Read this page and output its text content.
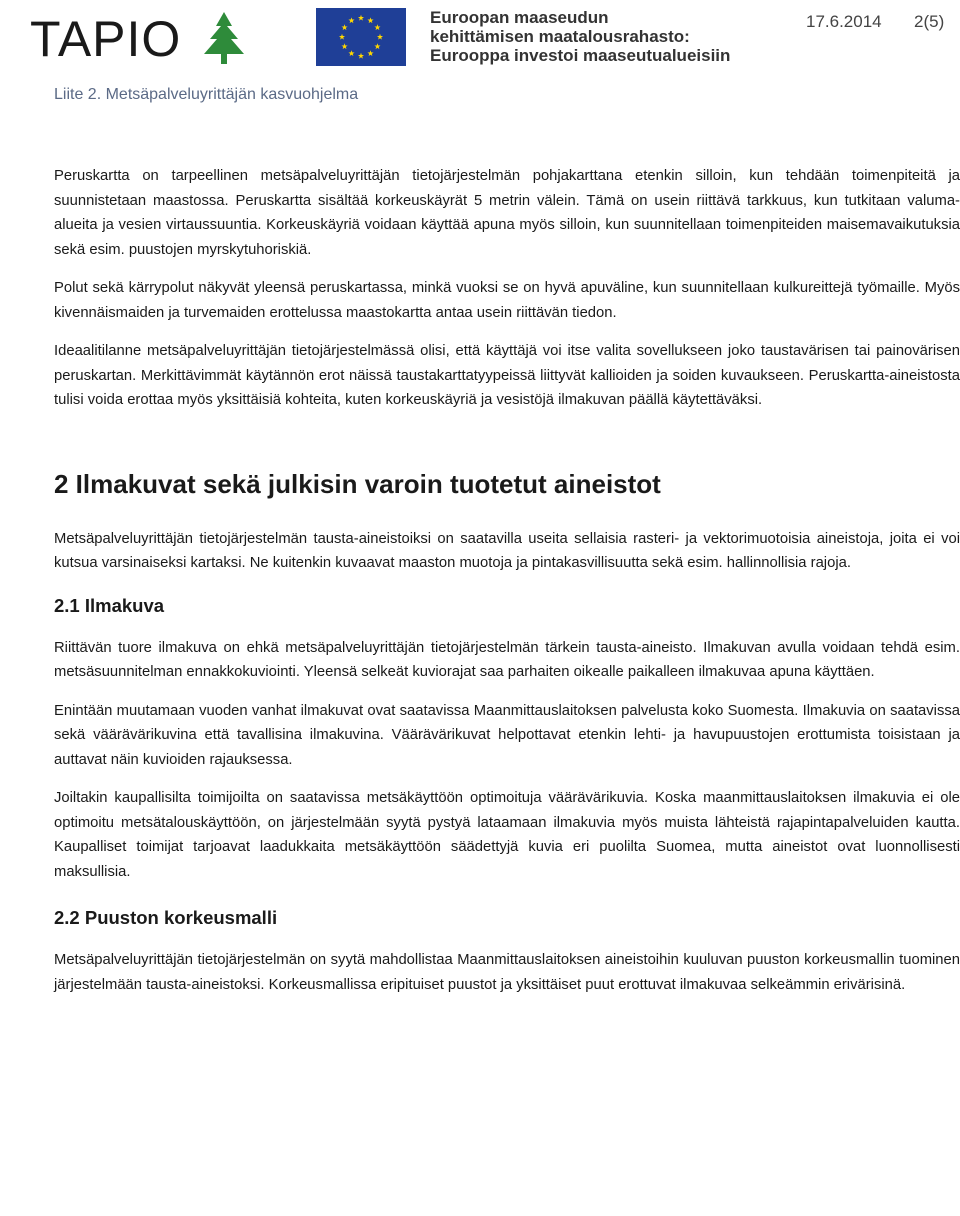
TAPIO	Euroopan maaseudun
kehittämisen maatalousrahasto:
Eurooppa investoi maaseutualueisiin
17.6.2014 2(5)
Liite 2. Metsäpalveluyrittäjän kasvuohjelma

Peruskartta on tarpeellinen metsäpalveluyrittäjän tietojärjestelmän pohjakarttana etenkin silloin, kun tehdään toimenpiteitä ja suunnistetaan maastossa. Peruskartta sisältää korkeuskäyrät 5 metrin välein. Tämä on usein riittävä tarkkuus, kun tutkitaan valuma-alueita ja vesien virtaussuuntia. Korkeuskäyriä voidaan käyttää apuna myös silloin, kun suunnitellaan toimenpiteiden maisemavaikutuksia sekä esim. puustojen myrskytuhoriskiä.

Polut sekä kärrypolut näkyvät yleensä peruskartassa, minkä vuoksi se on hyvä apuväline, kun suunnitellaan kulkureittejä työmaille. Myös kivennäismaiden ja turvemaiden erottelussa maastokartta antaa usein riittävän tiedon.

Ideaalitilanne metsäpalveluyrittäjän tietojärjestelmässä olisi, että käyttäjä voi itse valita sovellukseen joko taustavärisen tai painovärisen peruskartan. Merkittävimmät käytännön erot näissä taustakarttatyypeissä liittyvät kallioiden ja soiden kuvaukseen. Peruskartta-aineistosta tulisi voida erottaa myös yksittäisiä kohteita, kuten korkeuskäyriä ja vesistöjä ilmakuvan päällä käytettäväksi.

2 Ilmakuvat sekä julkisin varoin tuotetut aineistot

Metsäpalveluyrittäjän tietojärjestelmän tausta-aineistoiksi on saatavilla useita sellaisia rasteri- ja vektorimuotoisia aineistoja, joita ei voi kutsua varsinaiseksi kartaksi. Ne kuitenkin kuvaavat maaston muotoja ja pintakasvillisuutta sekä esim. hallinnollisia rajoja.

2.1 Ilmakuva

Riittävän tuore ilmakuva on ehkä metsäpalveluyrittäjän tietojärjestelmän tärkein tausta-aineisto. Ilmakuvan avulla voidaan tehdä esim. metsäsuunnitelman ennakkokuviointi. Yleensä selkeät kuviorajat saa parhaiten oikealle paikalleen ilmakuvaa apuna käyttäen.

Enintään muutamaan vuoden vanhat ilmakuvat ovat saatavissa Maanmittauslaitoksen palvelusta koko Suomesta. Ilmakuvia on saatavissa sekä väärävärikuvina että tavallisina ilmakuvina. Väärävärikuvat helpottavat etenkin lehti- ja havupuustojen erottumista toisistaan ja auttavat näin kuvioiden rajauksessa.

Joiltakin kaupallisilta toimijoilta on saatavissa metsäkäyttöön optimoituja väärävärikuvia. Koska maanmittauslaitoksen ilmakuvia ei ole optimoitu metsätalouskäyttöön, on järjestelmään syytä pystyä lataamaan ilmakuvia myös muista lähteistä rajapintapalveluiden kautta. Kaupalliset toimijat tarjoavat laadukkaita metsäkäyttöön säädettyjä kuvia eri puolilta Suomea, mutta aineistot ovat luonnollisesti maksullisia.

2.2 Puuston korkeusmalli

Metsäpalveluyrittäjän tietojärjestelmän on syytä mahdollistaa Maanmittauslaitoksen aineistoihin kuuluvan puuston korkeusmallin tuominen järjestelmään tausta-aineistoksi. Korkeusmallissa eripituiset puustot ja yksittäiset puut erottuvat ilmakuvaa selkeämmin erivärisinä.
